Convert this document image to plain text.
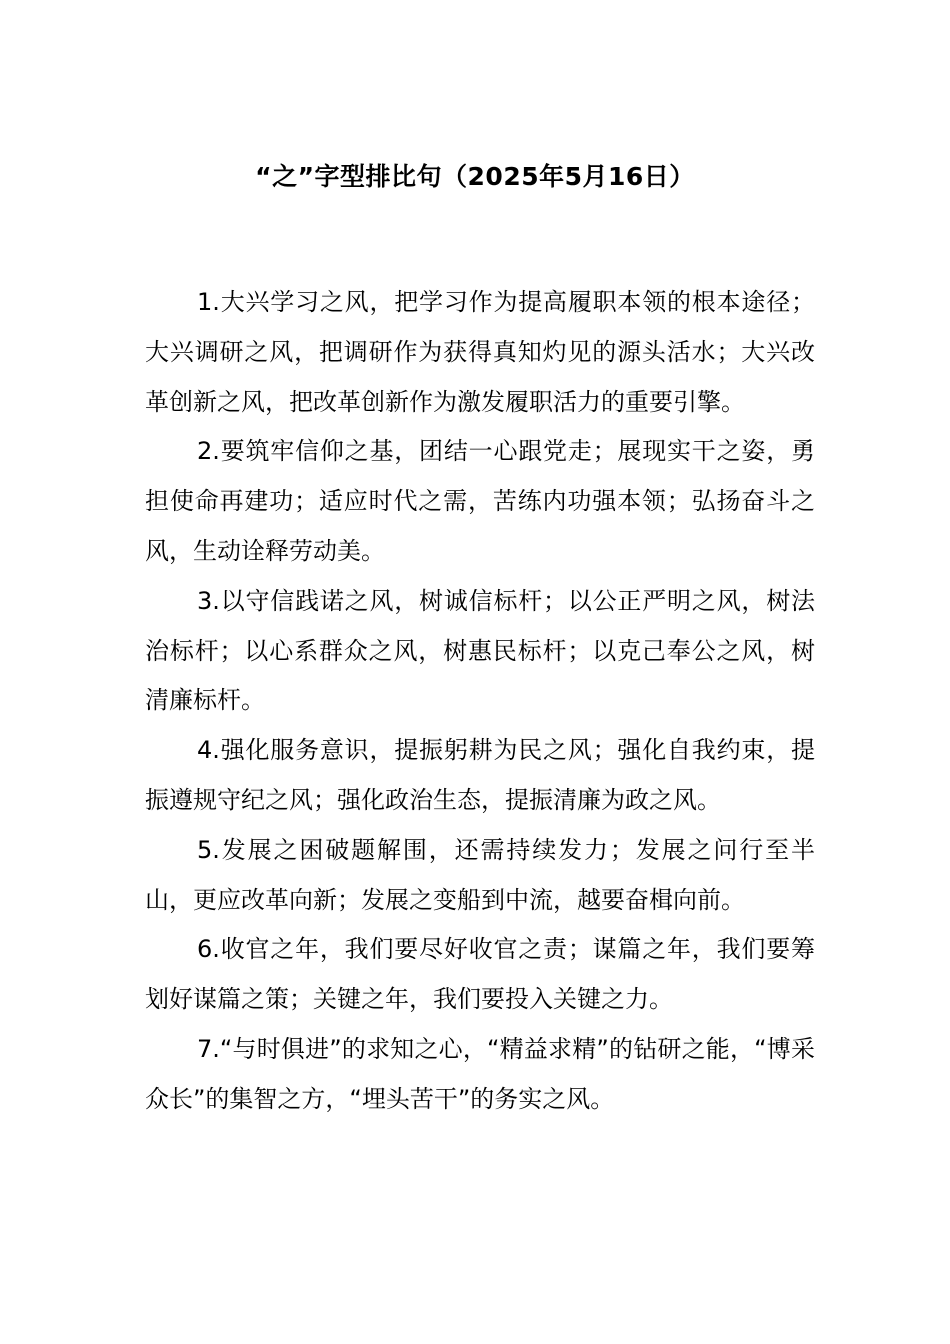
“之”字型排比句（2025年5月16日）

1.大兴学习之风，把学习作为提高履职本领的根本途径；大兴调研之风，把调研作为获得真知灼见的源头活水；大兴改革创新之风，把改革创新作为激发履职活力的重要引擎。

2.要筑牢信仰之基，团结一心跟党走；展现实干之姿，勇担使命再建功；适应时代之需，苦练内功强本领；弘扬奋斗之风，生动诠释劳动美。

3.以守信践诺之风，树诚信标杆；以公正严明之风，树法治标杆；以心系群众之风，树惠民标杆；以克己奉公之风，树清廉标杆。

4.强化服务意识，提振躬耕为民之风；强化自我约束，提振遵规守纪之风；强化政治生态，提振清廉为政之风。

5.发展之困破题解围，还需持续发力；发展之问行至半山，更应改革向新；发展之变船到中流，越要奋楫向前。

6.收官之年，我们要尽好收官之责；谋篇之年，我们要筹划好谋篇之策；关键之年，我们要投入关键之力。

7.“与时俱进”的求知之心，“精益求精”的钻研之能，“博采众长”的集智之方，“埋头苦干”的务实之风。
